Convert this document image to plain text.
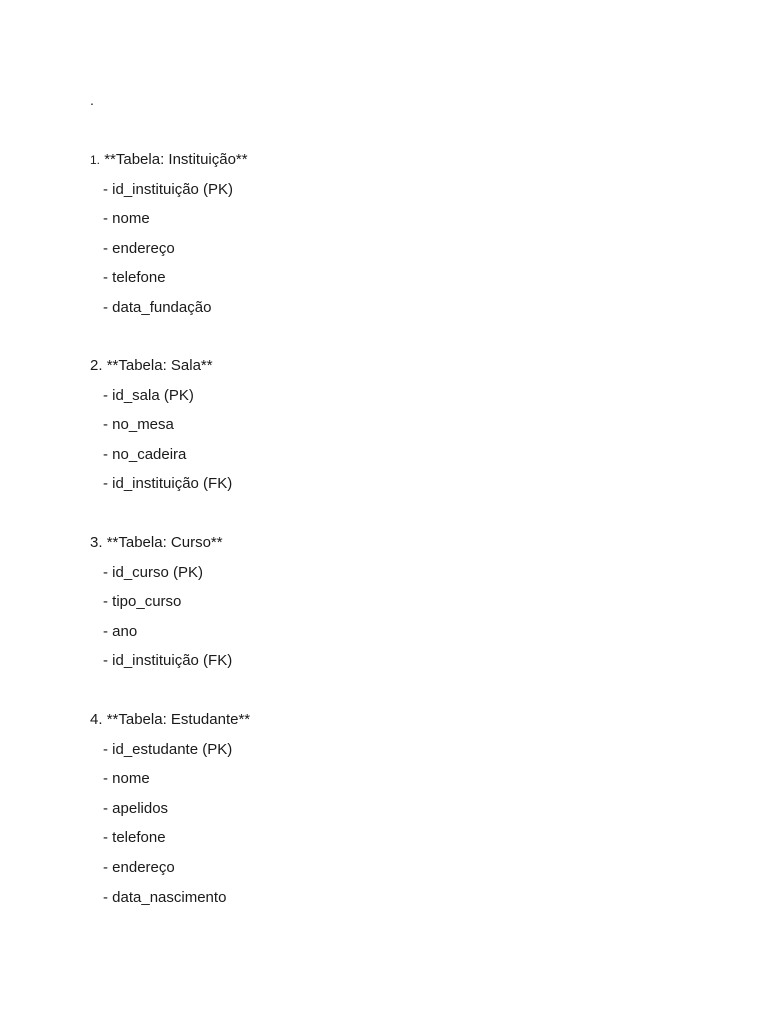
.

1. **Tabela: Instituição**

- id_instituição (PK)
- nome
- endereço
- telefone
- data_fundação

2. **Tabela: Sala**

- id_sala (PK)
- no_mesa
- no_cadeira
- id_instituição (FK)

3. **Tabela: Curso**

- id_curso (PK)
- tipo_curso
- ano
- id_instituição (FK)

4. **Tabela: Estudante**

- id_estudante (PK)
- nome
- apelidos
- telefone
- endereço
- data_nascimento
